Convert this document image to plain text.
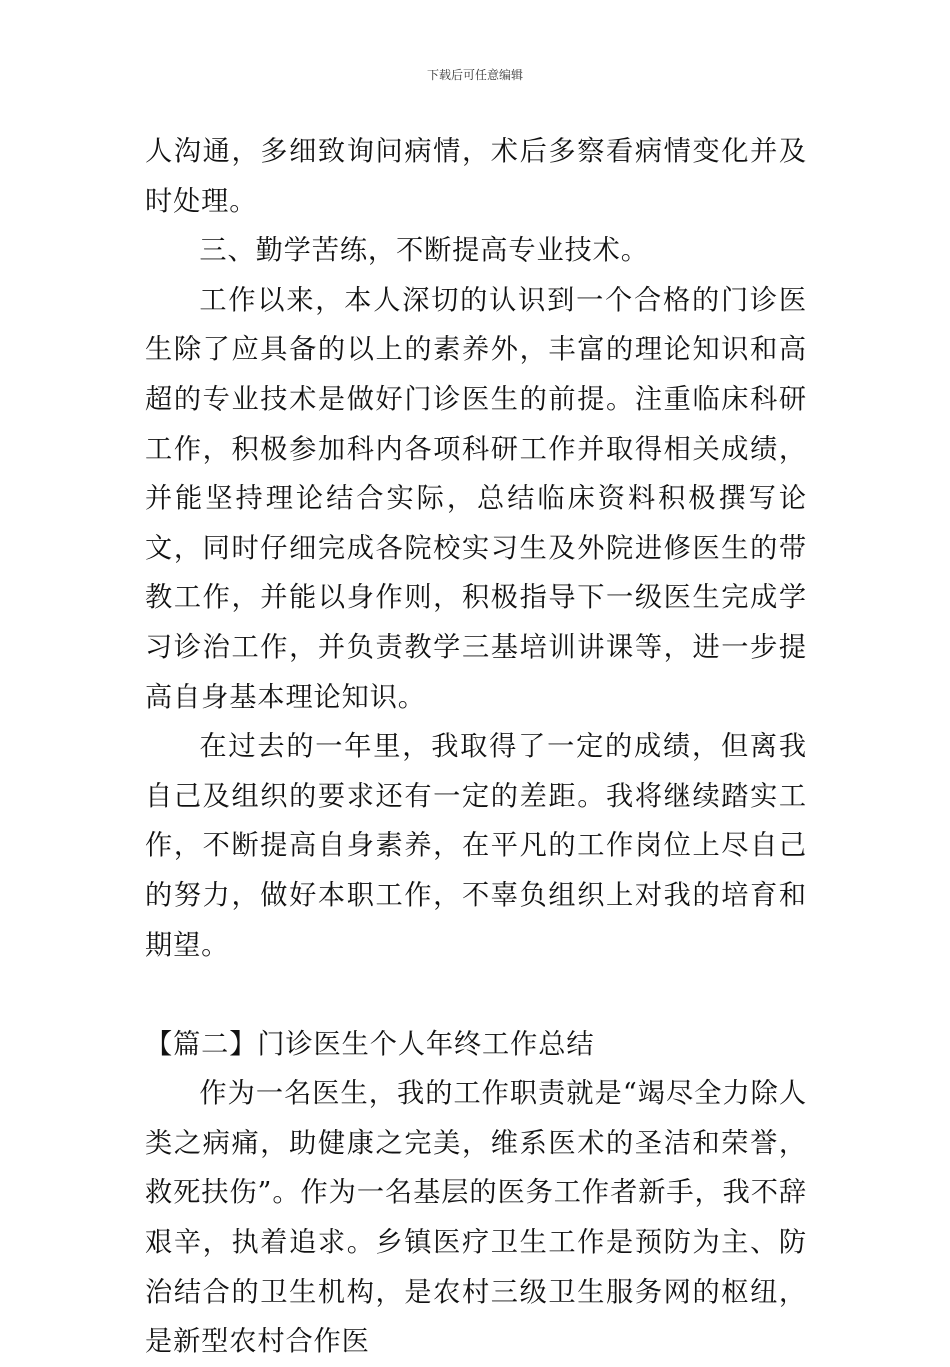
下载后可任意编辑

人沟通，多细致询问病情，术后多察看病情变化并及时处理。

三、勤学苦练，不断提高专业技术。

工作以来，本人深切的认识到一个合格的门诊医生除了应具备的以上的素养外，丰富的理论知识和高超的专业技术是做好门诊医生的前提。注重临床科研工作，积极参加科内各项科研工作并取得相关成绩，并能坚持理论结合实际，总结临床资料积极撰写论文，同时仔细完成各院校实习生及外院进修医生的带教工作，并能以身作则，积极指导下一级医生完成学习诊治工作，并负责教学三基培训讲课等，进一步提高自身基本理论知识。

在过去的一年里，我取得了一定的成绩，但离我自己及组织的要求还有一定的差距。我将继续踏实工作，不断提高自身素养，在平凡的工作岗位上尽自己的努力，做好本职工作，不辜负组织上对我的培育和期望。

【篇二】门诊医生个人年终工作总结

作为一名医生，我的工作职责就是“竭尽全力除人类之病痛，助健康之完美，维系医术的圣洁和荣誉，救死扶伤”。作为一名基层的医务工作者新手，我不辞艰辛，执着追求。乡镇医疗卫生工作是预防为主、防治结合的卫生机构，是农村三级卫生服务网的枢纽，是新型农村合作医
